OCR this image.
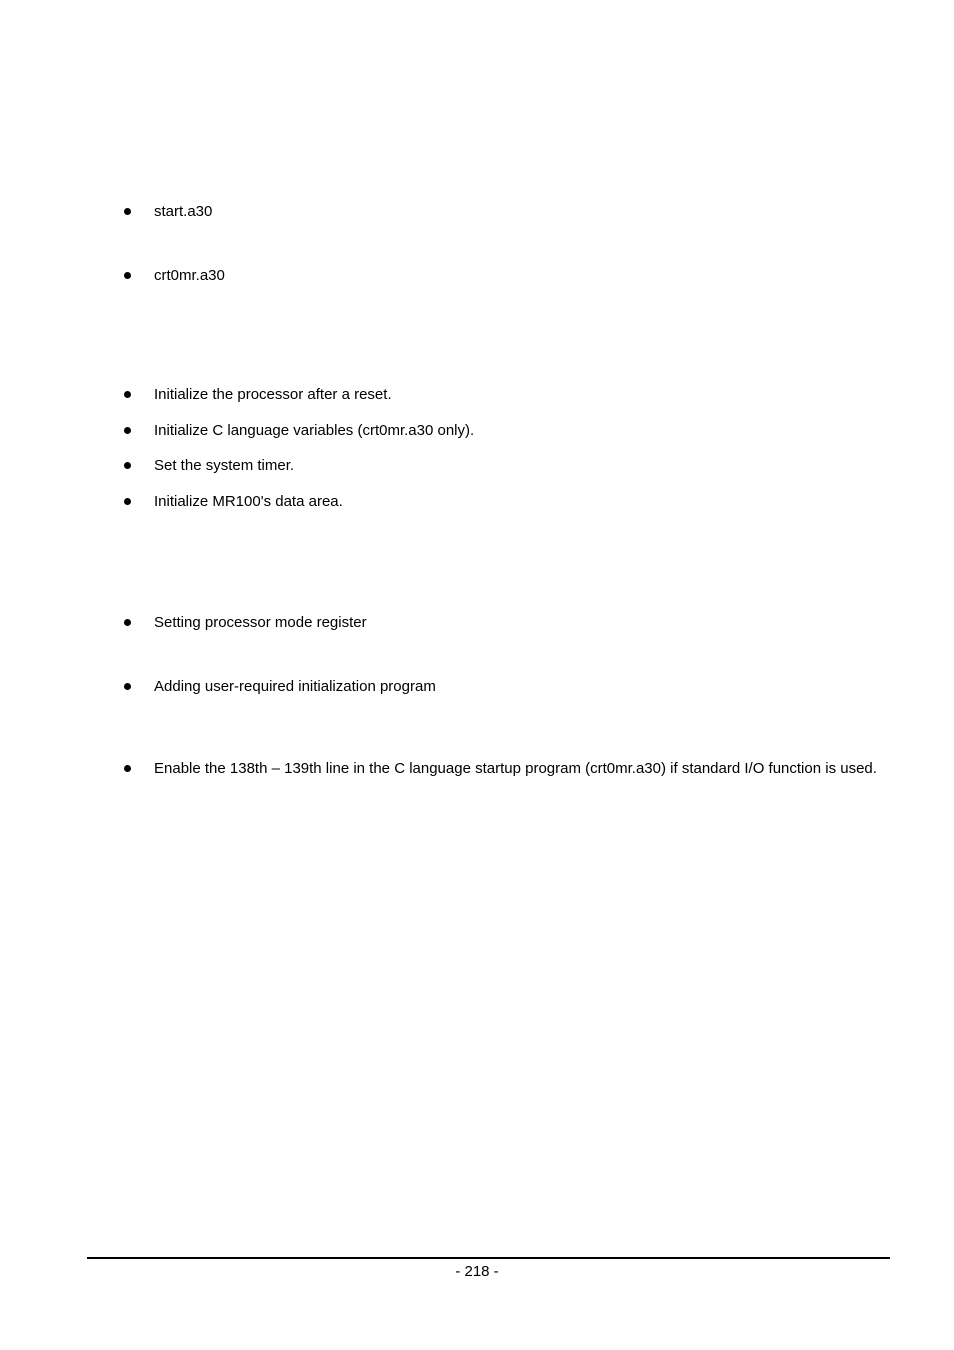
start.a30
crt0mr.a30
Initialize the processor after a reset.
Initialize C language variables (crt0mr.a30 only).
Set the system timer.
Initialize MR100's data area.
Setting processor mode register
Adding user-required initialization program
Enable the 138th – 139th line in the C language startup program (crt0mr.a30) if standard I/O function is used.
- 218 -
